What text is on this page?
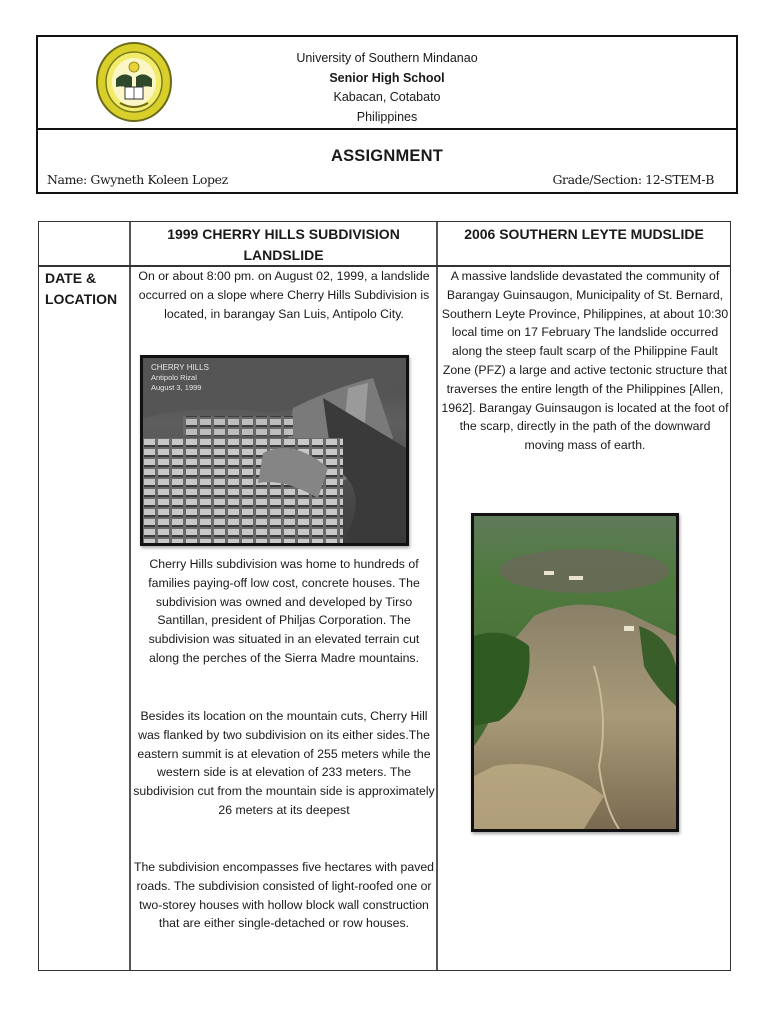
University of Southern Mindanao
Senior High School
Kabacan, Cotabato
Philippines
ASSIGNMENT
Name: Gwyneth Koleen Lopez	Grade/Section: 12-STEM-B
1999 CHERRY HILLS SUBDIVISION LANDSLIDE
2006 SOUTHERN LEYTE MUDSLIDE
DATE & LOCATION
On or about 8:00 pm. on August 02, 1999, a landslide occurred on a slope where Cherry Hills Subdivision is located, in barangay San Luis, Antipolo City.
CHERRY HILLS
Antipolo Rizal
August 3, 1999
Cherry Hills subdivision was home to hundreds of families paying-off low cost, concrete houses. The subdivision was owned and developed by Tirso Santillan, president of Philjas Corporation. The subdivision was situated in an elevated terrain cut along the perches of the Sierra Madre mountains.
Besides its location on the mountain cuts, Cherry Hill was flanked by two subdivision on its either sides.The eastern summit is at elevation of 255 meters while the western side is at elevation of 233 meters. The subdivision cut from the mountain side is approximately 26 meters at its deepest
The subdivision encompasses five hectares with paved roads. The subdivision consisted of light-roofed one or two-storey houses with hollow block wall construction that are either single-detached or row houses.
A massive landslide devastated the community of Barangay Guinsaugon, Municipality of St. Bernard, Southern Leyte Province, Philippines, at about 10:30 local time on 17 February The landslide occurred along the steep fault scarp of the Philippine Fault Zone (PFZ) a large and active tectonic structure that traverses the entire length of the Philippines [Allen, 1962]. Barangay Guinsaugon is located at the foot of the scarp, directly in the path of the downward moving mass of earth.
